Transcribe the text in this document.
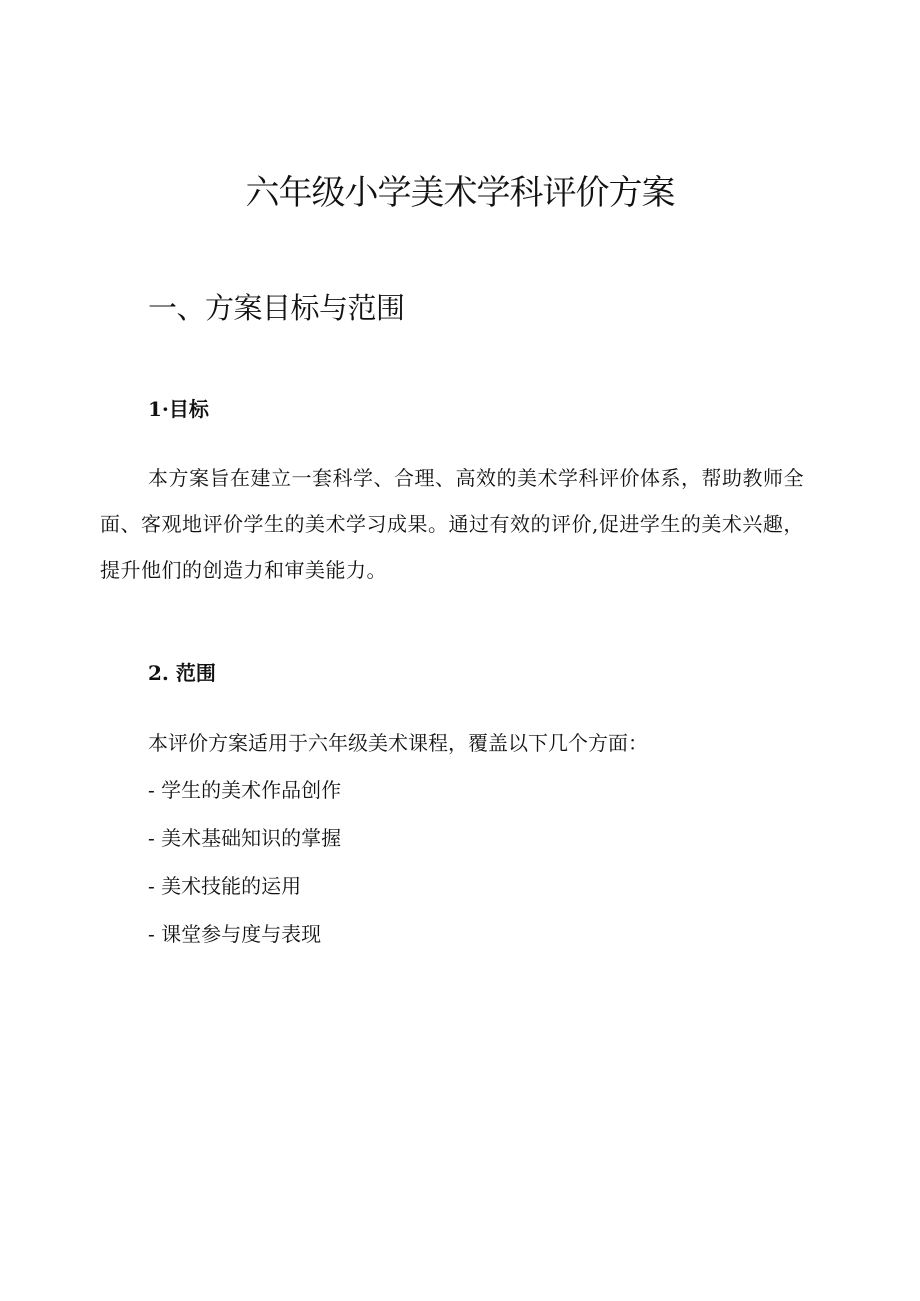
六年级小学美术学科评价方案
一、方案目标与范围
1·目标

本方案旨在建立一套科学、合理、高效的美术学科评价体系，帮助教师全面、客观地评价学生的美术学习成果。通过有效的评价,促进学生的美术兴趣，提升他们的创造力和审美能力。

2. 范围

本评价方案适用于六年级美术课程，覆盖以下几个方面：

- 学生的美术作品创作
- 美术基础知识的掌握
- 美术技能的运用
- 课堂参与度与表现
